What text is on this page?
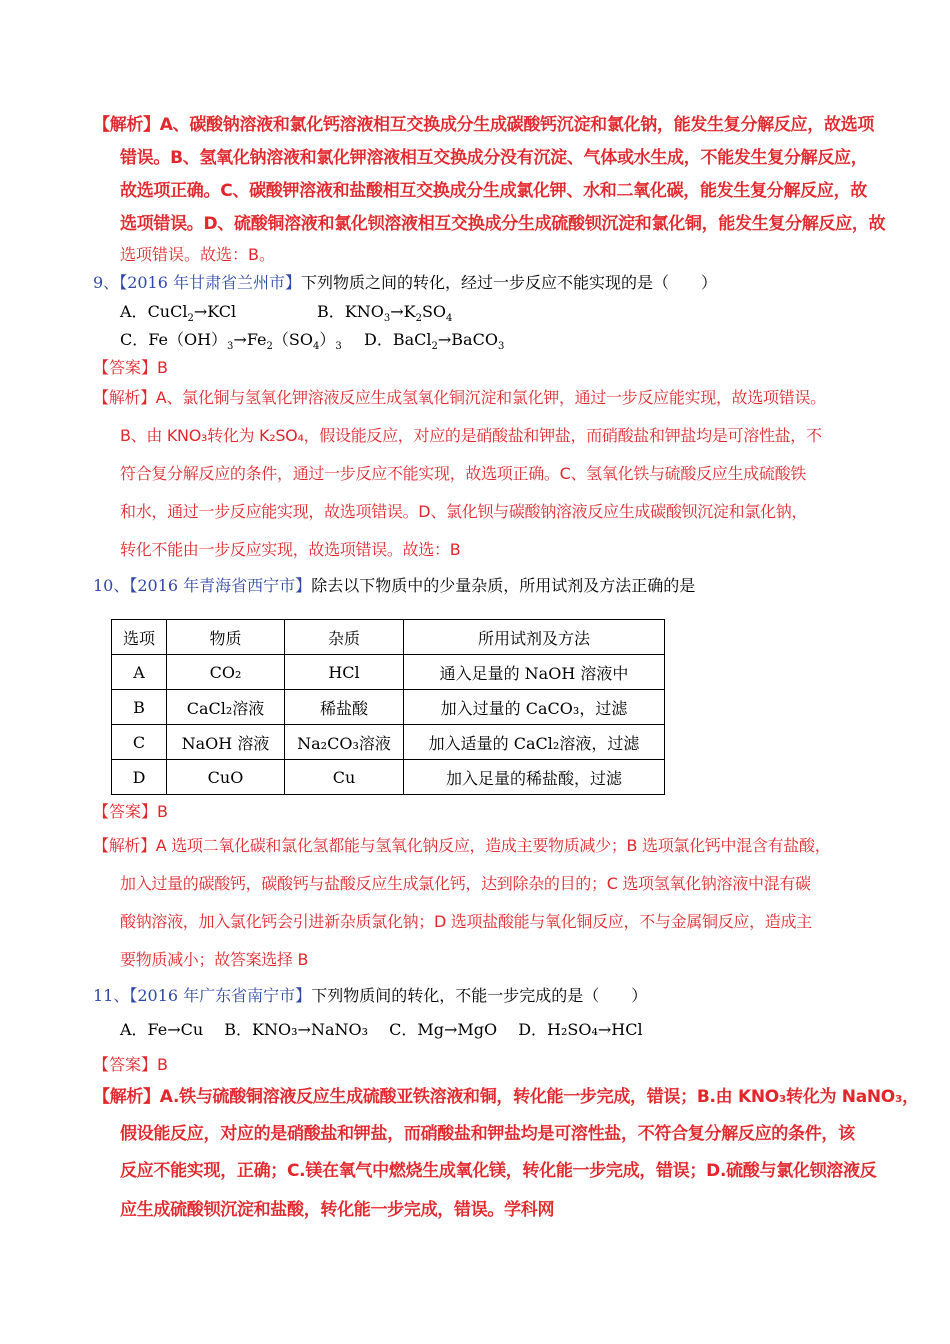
【解析】A、碳酸钠溶液和氯化钙溶液相互交换成分生成碳酸钙沉淀和氯化钠，能发生复分解反应，故选项
错误。B、氢氧化钠溶液和氯化钾溶液相互交换成分没有沉淀、气体或水生成，不能发生复分解反应，
故选项正确。C、碳酸钾溶液和盐酸相互交换成分生成氯化钾、水和二氧化碳，能发生复分解反应，故
选项错误。D、硫酸铜溶液和氯化钡溶液相互交换成分生成硫酸钡沉淀和氯化铜，能发生复分解反应，故
选项错误。故选：B。
9、【2016 年甘肃省兰州市】下列物质之间的转化，经过一步反应不能实现的是（　　）
A．CuCl$_2$→KCl	B．$KNO_3\to K_2SO_4$
C．$Fe(OH)_3\to Fe_2(SO_4)_3$ D．BaCl$_2$→BaCO$_3$
【答案】B
【解析】A、氯化铜与氢氧化钾溶液反应生成氢氧化铜沉淀和氯化钾，通过一步反应能实现，故选项错误。
B、由 KNO₃转化为 K₂SO₄，假设能反应，对应的是硝酸盐和钾盐，而硝酸盐和钾盐均是可溶性盐，不
符合复分解反应的条件，通过一步反应不能实现，故选项正确。C、氢氧化铁与硫酸反应生成硫酸铁
和水，通过一步反应能实现，故选项错误。D、氯化钡与碳酸钠溶液反应生成碳酸钡沉淀和氯化钠，
转化不能由一步反应实现，故选项错误。故选：B
10、【2016 年青海省西宁市】除去以下物质中的少量杂质，所用试剂及方法正确的是
选项	物质	杂质	所用试剂及方法
A	CO₂	HCl	通入足量的 NaOH 溶液中
B	CaCl₂溶液	稀盐酸	加入过量的 CaCO₃，过滤
C	NaOH 溶液	Na₂CO₃溶液	加入适量的 CaCl₂溶液，过滤
D	CuO	Cu	加入足量的稀盐酸，过滤
【答案】B
【解析】A 选项二氧化碳和氯化氢都能与氢氧化钠反应，造成主要物质减少；B 选项氯化钙中混含有盐酸，
加入过量的碳酸钙，碳酸钙与盐酸反应生成氯化钙，达到除杂的目的；C 选项氢氧化钠溶液中混有碳
酸钠溶液，加入氯化钙会引进新杂质氯化钠；D 选项盐酸能与氧化铜反应，不与金属铜反应，造成主
要物质减小；故答案选择 B
11、【2016 年广东省南宁市】下列物质间的转化，不能一步完成的是（　　）
A．Fe→Cu　 B．KNO₃→NaNO₃　 C．Mg→MgO　 D．H₂SO₄→HCl
【答案】B
【解析】A.铁与硫酸铜溶液反应生成硫酸亚铁溶液和铜，转化能一步完成，错误；B.由 KNO₃转化为 NaNO₃，
假设能反应，对应的是硝酸盐和钾盐，而硝酸盐和钾盐均是可溶性盐，不符合复分解反应的条件，该
反应不能实现，正确；C.镁在氧气中燃烧生成氧化镁，转化能一步完成，错误；D.硫酸与氯化钡溶液反
应生成硫酸钡沉淀和盐酸，转化能一步完成，错误。学科网
